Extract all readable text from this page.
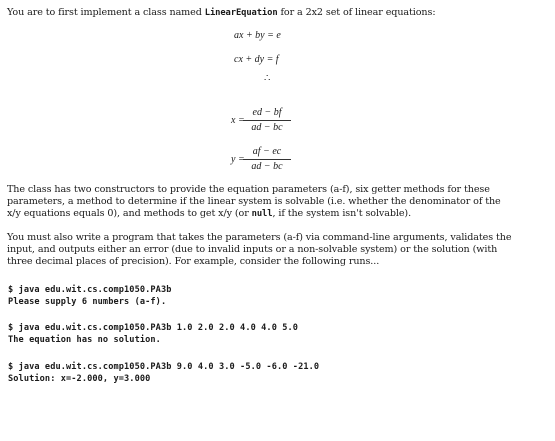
You are to first implement a class named LinearEquation for a 2x2 set of linear equations:
ax + by = e
cx + dy = f
∴
x =
ed − bf
ad − bc
y =
af − ec
ad − bc
The class has two constructors to provide the equation parameters (a-f), six getter methods for these
parameters, a method to determine if the linear system is solvable (i.e. whether the denominator of the
x/y equations equals 0), and methods to get x/y (or null, if the system isn't solvable).
You must also write a program that takes the parameters (a-f) via command-line arguments, validates the
input, and outputs either an error (due to invalid inputs or a non-solvable system) or the solution (with
three decimal places of precision). For example, consider the following runs...
$ java edu.wit.cs.comp1050.PA3b
Please supply 6 numbers (a-f).
$ java edu.wit.cs.comp1050.PA3b 1.0 2.0 2.0 4.0 4.0 5.0
The equation has no solution.
$ java edu.wit.cs.comp1050.PA3b 9.0 4.0 3.0 -5.0 -6.0 -21.0
Solution: x=-2.000, y=3.000
